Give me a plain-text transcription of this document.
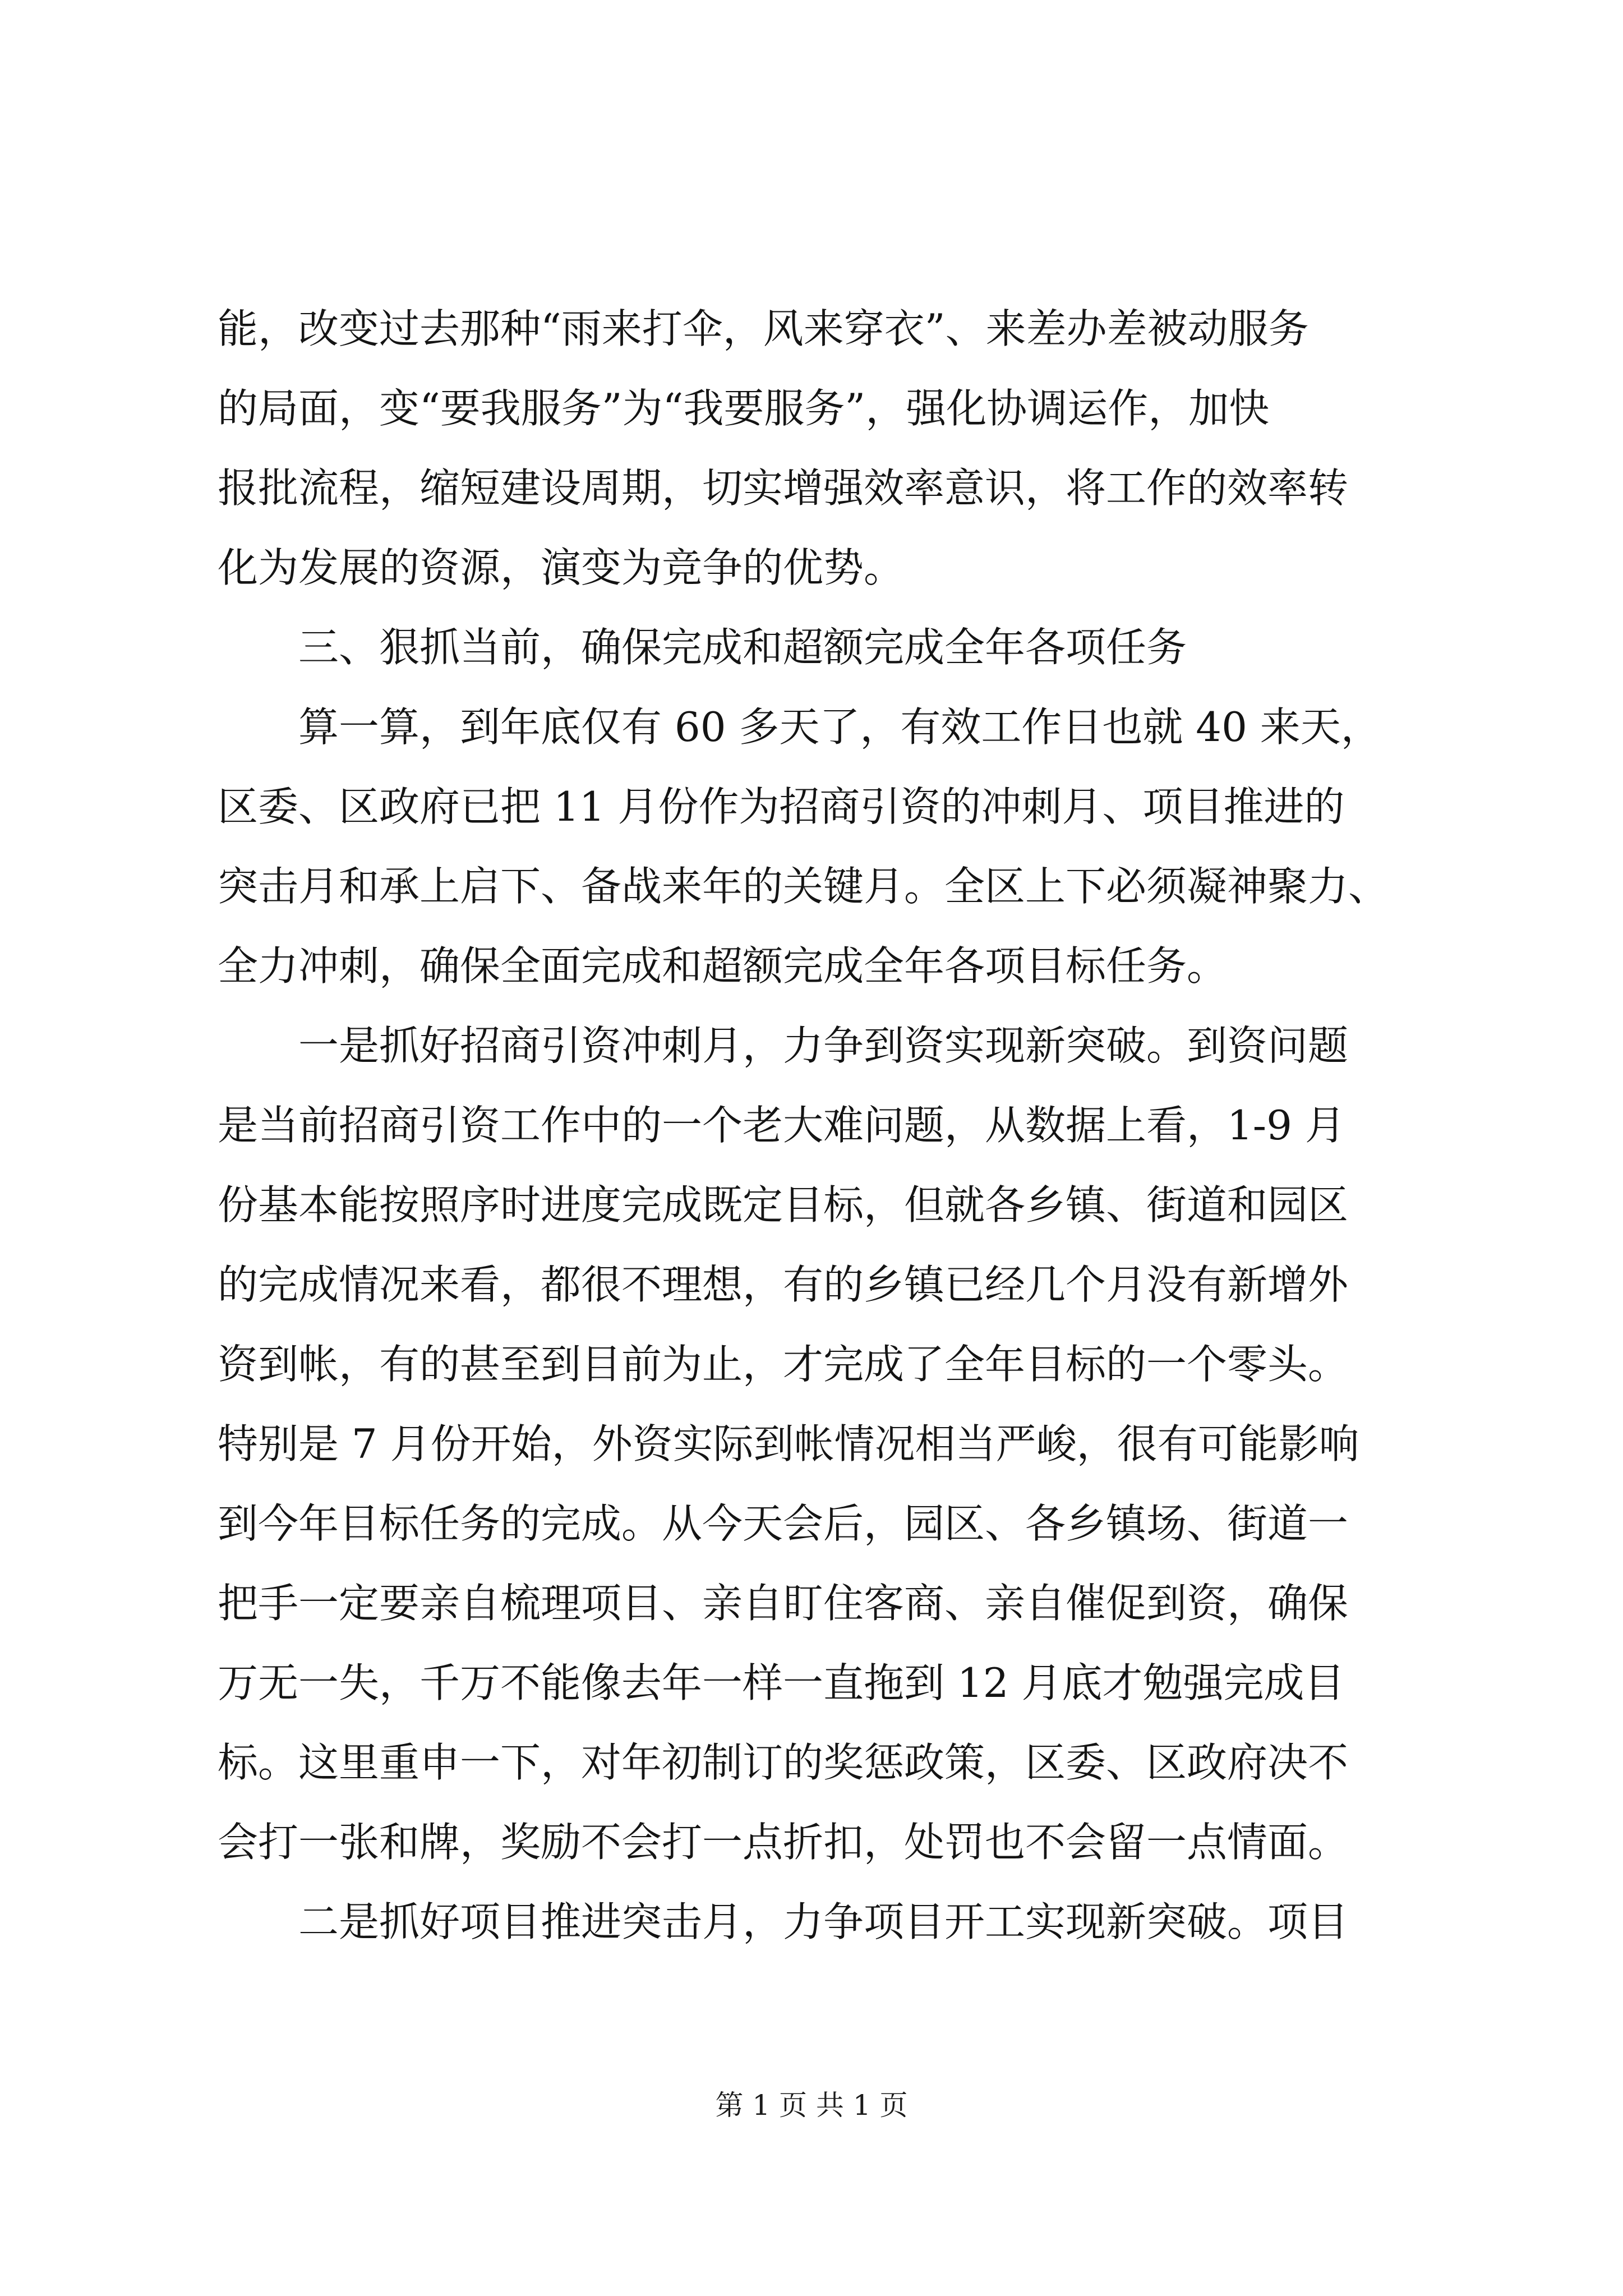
能，改变过去那种“雨来打伞，风来穿衣”、来差办差被动服务
的局面，变“要我服务”为“我要服务”，强化协调运作，加快
报批流程，缩短建设周期，切实增强效率意识，将工作的效率转
化为发展的资源，演变为竞争的优势。
三、狠抓当前，确保完成和超额完成全年各项任务
算一算，到年底仅有 60 多天了，有效工作日也就 40 来天，
区委、区政府已把 11 月份作为招商引资的冲刺月、项目推进的
突击月和承上启下、备战来年的关键月。全区上下必须凝神聚力、
全力冲刺，确保全面完成和超额完成全年各项目标任务。
一是抓好招商引资冲刺月，力争到资实现新突破。到资问题
是当前招商引资工作中的一个老大难问题，从数据上看，1-9 月
份基本能按照序时进度完成既定目标，但就各乡镇、街道和园区
的完成情况来看，都很不理想，有的乡镇已经几个月没有新增外
资到帐，有的甚至到目前为止，才完成了全年目标的一个零头。
特别是 7 月份开始，外资实际到帐情况相当严峻，很有可能影响
到今年目标任务的完成。从今天会后，园区、各乡镇场、街道一
把手一定要亲自梳理项目、亲自盯住客商、亲自催促到资，确保
万无一失，千万不能像去年一样一直拖到 12 月底才勉强完成目
标。这里重申一下，对年初制订的奖惩政策，区委、区政府决不
会打一张和牌，奖励不会打一点折扣，处罚也不会留一点情面。
二是抓好项目推进突击月，力争项目开工实现新突破。项目
第 1 页 共 1 页
